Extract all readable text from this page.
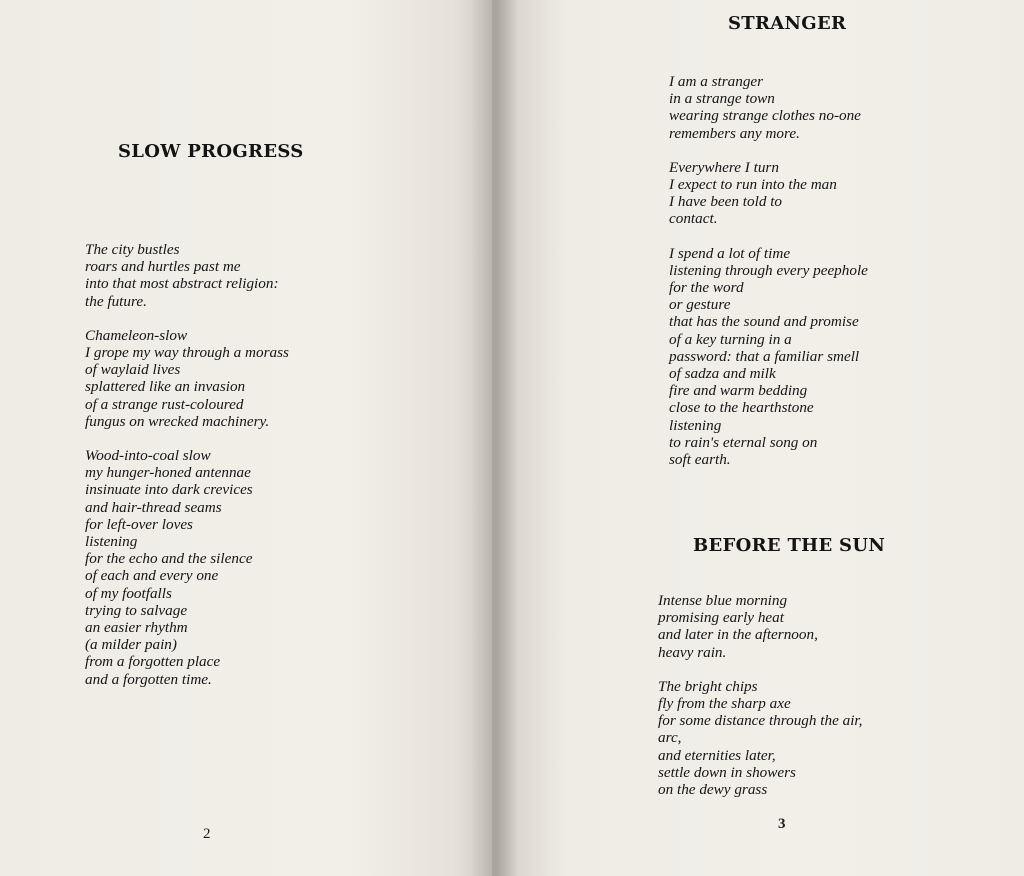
SLOW PROGRESS
The city bustles
roars and hurtles past me
into that most abstract religion:
the future.
Chameleon-slow
I grope my way through a morass
of waylaid lives
splattered like an invasion
of a strange rust-coloured
fungus on wrecked machinery.
Wood-into-coal slow
my hunger-honed antennae
insinuate into dark crevices
and hair-thread seams
for left-over loves
listening
for the echo and the silence
of each and every one
of my footfalls
trying to salvage
an easier rhythm
(a milder pain)
from a forgotten place
and a forgotten time.
2
STRANGER
I am a stranger
in a strange town
wearing strange clothes no-one
remembers any more.
Everywhere I turn
I expect to run into the man
I have been told to
contact.
I spend a lot of time
listening through every peephole
for the word
or gesture
that has the sound and promise
of a key turning in a
password: that a familiar smell
of sadza and milk
fire and warm bedding
close to the hearthstone
listening
to rain's eternal song on
soft earth.
BEFORE THE SUN
Intense blue morning
promising early heat
and later in the afternoon,
heavy rain.
The bright chips
fly from the sharp axe
for some distance through the air,
arc,
and eternities later,
settle down in showers
on the dewy grass
3
